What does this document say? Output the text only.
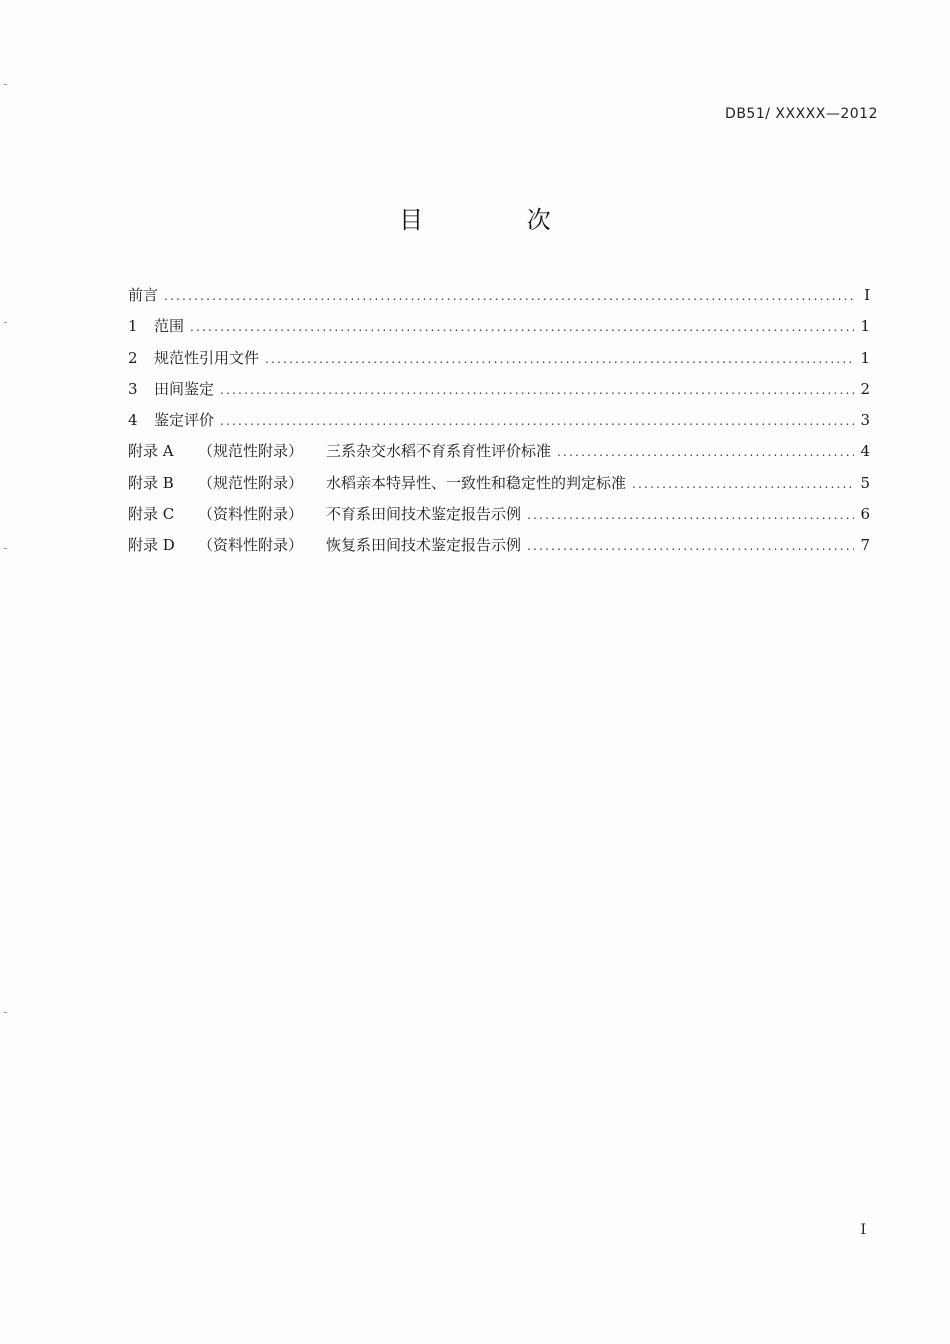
DB51/ XXXXX—2012
目 次
前言 .....	I
1	范围 .....	1
2	规范性引用文件 .....	1
3	田间鉴定 .....	2
4	鉴定评价 .....	3
附录 A	（规范性附录）	三系杂交水稻不育系育性评价标准 .....	4
附录 B	（规范性附录）	水稻亲本特异性、一致性和稳定性的判定标准 .....	5
附录 C	（资料性附录）	不育系田间技术鉴定报告示例 .....	6
附录 D	（资料性附录）	恢复系田间技术鉴定报告示例 .....	7
I
